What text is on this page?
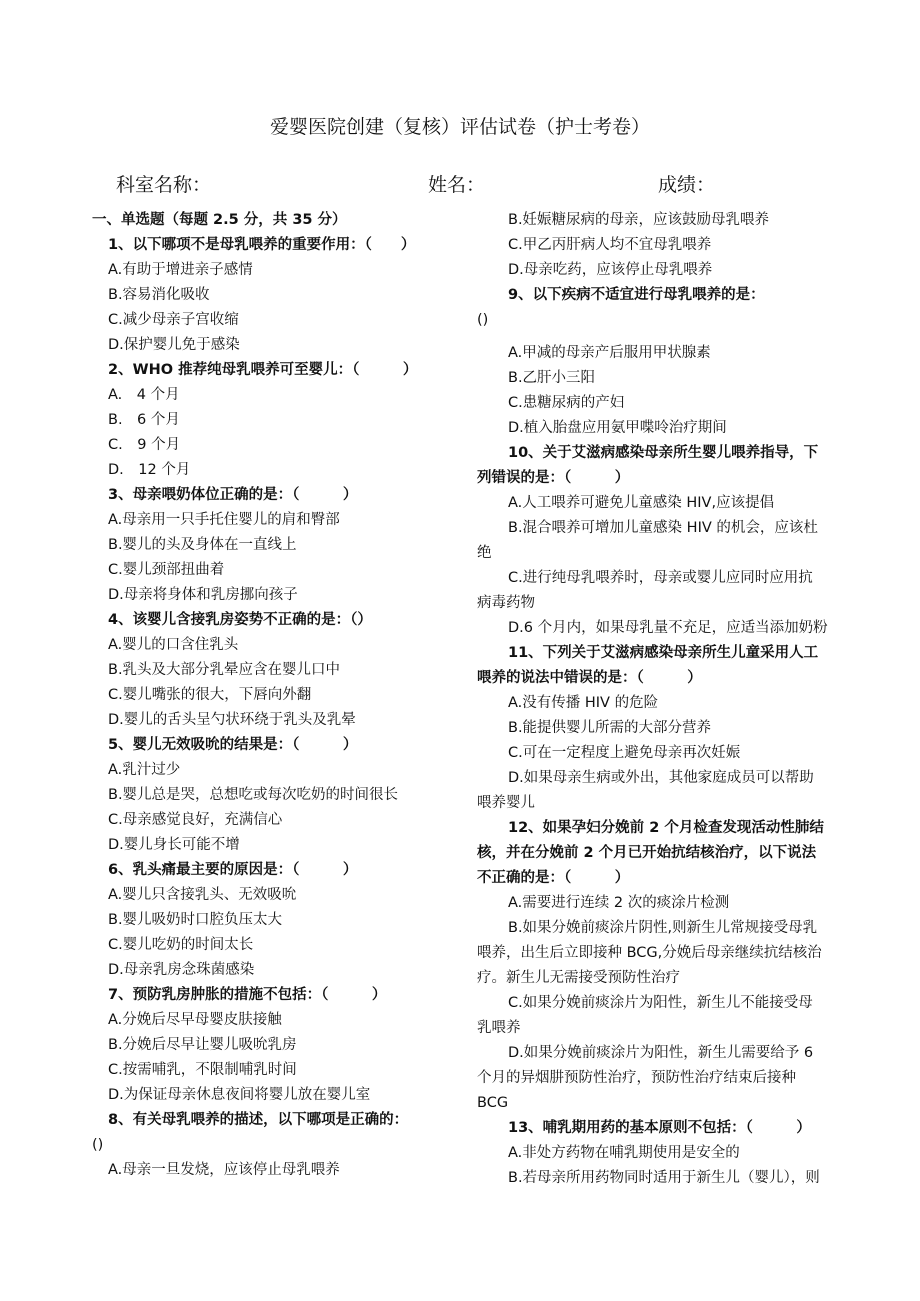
爱婴医院创建（复核）评估试卷（护士考卷）
科室名称：	姓名：	成绩：
一、单选题（每题 2.5 分，共 35 分）
1、以下哪项不是母乳喂养的重要作用：（　　）
A.有助于增进亲子感情
B.容易消化吸收
C.减少母亲子宫收缩
D.保护婴儿免于感染
2、WHO 推荐纯母乳喂养可至婴儿：（　　　）
A.　4 个月
B.　6 个月
C.　9 个月
D.　12 个月
3、母亲喂奶体位正确的是：（　　　）
A.母亲用一只手托住婴儿的肩和臀部
B.婴儿的头及身体在一直线上
C.婴儿颈部扭曲着
D.母亲将身体和乳房挪向孩子
4、该婴儿含接乳房姿势不正确的是：（）
A.婴儿的口含住乳头
B.乳头及大部分乳晕应含在婴儿口中
C.婴儿嘴张的很大，下唇向外翻
D.婴儿的舌头呈勺状环绕于乳头及乳晕
5、婴儿无效吸吮的结果是：（　　　）
A.乳汁过少
B.婴儿总是哭，总想吃或每次吃奶的时间很长
C.母亲感觉良好，充满信心
D.婴儿身长可能不增
6、乳头痛最主要的原因是：（　　　）
A.婴儿只含接乳头、无效吸吮
B.婴儿吸奶时口腔负压太大
C.婴儿吃奶的时间太长
D.母亲乳房念珠菌感染
7、预防乳房肿胀的措施不包括：（　　　）
A.分娩后尽早母婴皮肤接触
B.分娩后尽早让婴儿吸吮乳房
C.按需哺乳，不限制哺乳时间
D.为保证母亲休息夜间将婴儿放在婴儿室
8、有关母乳喂养的描述，以下哪项是正确的：
()
A.母亲一旦发烧，应该停止母乳喂养
B.妊娠糖尿病的母亲，应该鼓励母乳喂养
C.甲乙丙肝病人均不宜母乳喂养
D.母亲吃药，应该停止母乳喂养
9、以下疾病不适宜进行母乳喂养的是：
()
A.甲减的母亲产后服用甲状腺素
B.乙肝小三阳
C.患糖尿病的产妇
D.植入胎盘应用氨甲喋呤治疗期间
10、关于艾滋病感染母亲所生婴儿喂养指导，下
列错误的是：（　　　）
A.人工喂养可避免儿童感染 HIV,应该提倡
B.混合喂养可增加儿童感染 HIV 的机会，应该杜
绝
C.进行纯母乳喂养时，母亲或婴儿应同时应用抗
病毒药物
D.6 个月内，如果母乳量不充足，应适当添加奶粉
11、下列关于艾滋病感染母亲所生儿童采用人工
喂养的说法中错误的是：（　　　）
A.没有传播 HIV 的危险
B.能提供婴儿所需的大部分营养
C.可在一定程度上避免母亲再次妊娠
D.如果母亲生病或外出，其他家庭成员可以帮助
喂养婴儿
12、如果孕妇分娩前 2 个月检查发现活动性肺结
核，并在分娩前 2 个月已开始抗结核治疗，以下说法
不正确的是：（　　　）
A.需要进行连续 2 次的痰涂片检测
B.如果分娩前痰涂片阴性,则新生儿常规接受母乳
喂养，出生后立即接种 BCG,分娩后母亲继续抗结核治
疗。新生儿无需接受预防性治疗
C.如果分娩前痰涂片为阳性，新生儿不能接受母
乳喂养
D.如果分娩前痰涂片为阳性，新生儿需要给予 6
个月的异烟肼预防性治疗，预防性治疗结束后接种
BCG
13、哺乳期用药的基本原则不包括：（　　　）
A.非处方药物在哺乳期使用是安全的
B.若母亲所用药物同时适用于新生儿（婴儿），则
